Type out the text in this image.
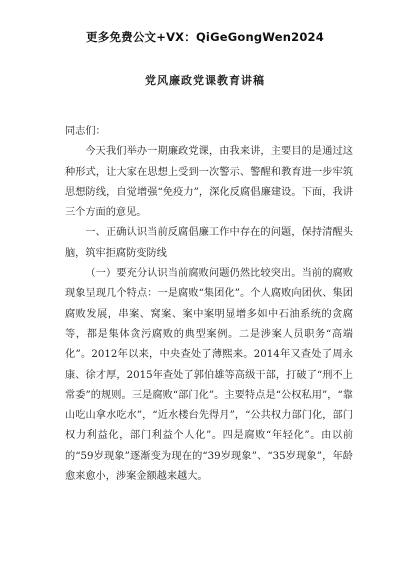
更多免费公文+VX：QiGeGongWen2024
党风廉政党课教育讲稿

同志们：

今天我们举办一期廉政党课，由我来讲，主要目的是通过这种形式，让大家在思想上受到一次警示、警醒和教育进一步牢筑思想防线，自觉增强“免疫力”，深化反腐倡廉建设。下面，我讲三个方面的意见。

一、正确认识当前反腐倡廉工作中存在的问题，保持清醒头脑，筑牢拒腐防变防线

（一）要充分认识当前腐败问题仍然比较突出。当前的腐败现象呈现几个特点：一是腐败“集团化”。个人腐败向团伙、集团腐败发展，串案、窝案、案中案明显增多如中石油系统的贪腐等，都是集体贪污腐败的典型案例。二是涉案人员职务“高端化”。2012年以来，中央查处了薄熙来。2014年又查处了周永康、徐才厚，2015年查处了郭伯雄等高级干部，打破了“刑不上常委”的规则。三是腐败“部门化”。主要特点是“公权私用”，“靠山吃山拿水吃水”，“近水楼台先得月”，“公共权力部门化，部门权力利益化，部门利益个人化”。四是腐败“年轻化”。由以前的“59岁现象”逐渐变为现在的“39岁现象”、“35岁现象”，年龄愈来愈小，涉案金额越来越大。
